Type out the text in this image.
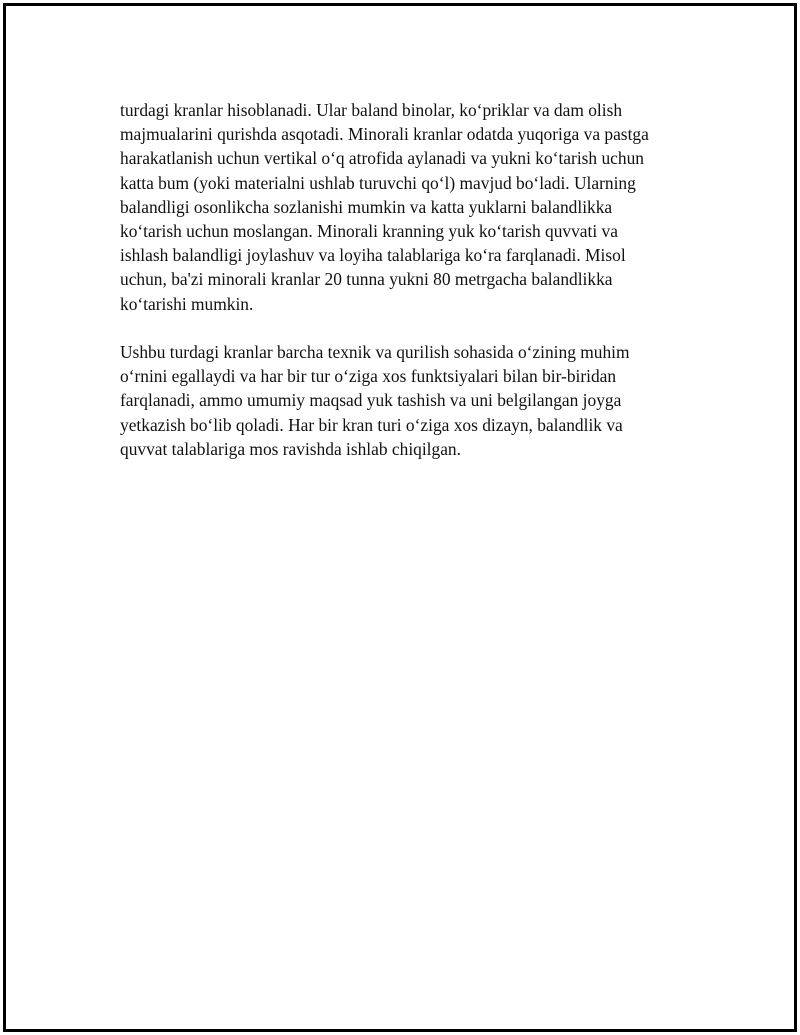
turdagi kranlar hisoblanadi. Ular baland binolar, ko‘priklar va dam olish
majmualarini qurishda asqotadi. Minorali kranlar odatda yuqoriga va pastga
harakatlanish uchun vertikal o‘q atrofida aylanadi va yukni ko‘tarish uchun
katta bum (yoki materialni ushlab turuvchi qo‘l) mavjud bo‘ladi. Ularning
balandligi osonlikcha sozlanishi mumkin va katta yuklarni balandlikka
ko‘tarish uchun moslangan. Minorali kranning yuk ko‘tarish quvvati va
ishlash balandligi joylashuv va loyiha talablariga ko‘ra farqlanadi. Misol
uchun, ba'zi minorali kranlar 20 tunna yukni 80 metrgacha balandlikka
ko‘tarishi mumkin.

Ushbu turdagi kranlar barcha texnik va qurilish sohasida o‘zining muhim
o‘rnini egallaydi va har bir tur o‘ziga xos funktsiyalari bilan bir-biridan
farqlanadi, ammo umumiy maqsad yuk tashish va uni belgilangan joyga
yetkazish bo‘lib qoladi. Har bir kran turi o‘ziga xos dizayn, balandlik va
quvvat talablariga mos ravishda ishlab chiqilgan.
